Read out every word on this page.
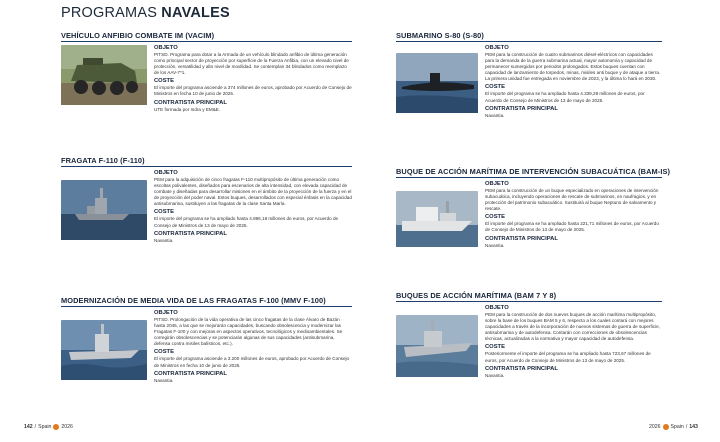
PROGRAMAS NAVALES
VEHÍCULO ANFIBIO COMBATE IM (VACIM)
OBJETO
PITSD. Programa para dotar a la Armada de un vehículo blindado anfibio de última generación como principal sector de proyección por superficie de la Fuerza Anfibia, con un elevado nivel de protección, versatilidad y alto nivel de movilidad. Se contemplan 34 blindados como reemplazo de los AAV-7*1.
COSTE
El importe del programa asciende a 374 millones de euros, aprobado por Acuerdo de Consejo de Ministros en fecha 10 de junio de 2025.
CONTRATISTA PRINCIPAL
UTE formada por Indra y EM&E.
FRAGATA F-110 (F-110)
OBJETO
PEM para la adquisición de cinco fragatas F-110 multipropósito de última generación como escoltas polivalentes, diseñados para escenarios de alta intensidad, con elevada capacidad de combate y diseñadas para desarrollar misiones en el ámbito de la proyección de la fuerza y en el de proyección del poder naval. Estos buques, desarrollados con especial énfasis en la capacidad antisubmarina, sustituyen a las fragatas de la clase Santa María.
COSTE
El importe del programa se ha ampliado hasta 4.896,18 millones de euros, por Acuerdo de Consejo de Ministros de 13 de mayo de 2025.
CONTRATISTA PRINCIPAL
Navantia.
MODERNIZACIÓN DE MEDIA VIDA DE LAS FRAGATAS F-100 (MMV F-100)
OBJETO
PITSD. Prolongación de la vida operativa de las cinco fragatas de la clase Álvaro de Bazán hasta 2045, a las que se mejorarán capacidades, buscando obsolescencia y modernizar las Fragatas F-100 y con mejoras en aspectos operativos, tecnológicos y medioambientales. Se corregirán obsolescencias y se potenciarán algunas de sus capacidades (antisubmarina, defensa contra misiles balísticos, etc.).
COSTE
El importe del programa asciende a 3.200 millones de euros, aprobado por Acuerdo de Consejo de Ministros en fecha 10 de junio de 2025.
CONTRATISTA PRINCIPAL
Navantia.
SUBMARINO S-80 (S-80)
OBJETO
PEM para la construcción de cuatro submarinos diésel-eléctricos con capacidades para la demanda de la guerra submarina actual, mayor autonomía y capacidad de permanecer sumergidos por periodos prolongados. Estos buques cuentan con capacidad de lanzamiento de torpedos, minas, misiles anti buque y de ataque a tierra. La primera unidad fue entregada en noviembre de 2023, y la última lo hará en 2030.
COSTE
El importe del programa se ha ampliado hasta 4.339,28 millones de euros, por Acuerdo de Consejo de Ministros de 13 de mayo de 2025.
CONTRATISTA PRINCIPAL
Navantia.
BUQUE DE ACCIÓN MARÍTIMA DE INTERVENCIÓN SUBACUÁTICA (BAM-IS)
OBJETO
PEM para la construcción de un buque especializado en operaciones de intervención subacuática, incluyendo operaciones de rescate de submarinos, en naufragios, y en protección del patrimonio subacuático. Sustituirá al buque Neptuno de salvamento y rescate.
COSTE
El importe del programa se ha ampliado hasta 221,71 millones de euros, por Acuerdo de Consejo de Ministros de 13 de mayo de 2025.
CONTRATISTA PRINCIPAL
Navantia.
BUQUES DE ACCIÓN MARÍTIMA (BAM 7 Y 8)
OBJETO
PEM para la construcción de dos nuevos buques de acción marítima multipropósito, sobre la base de los buques BAM 5 y 6, respecto a los cuales contará con mejores capacidades a través de la incorporación de nuevos sistemas de guerra de superficie, antisubmarina y de autodefensa. Contarán con correcciones de obsolescencias técnicas, actualizadas a la normativa y mayor capacidad de autodefensa.
COSTE
Posteriormente el importe del programa se ha ampliado hasta 723,67 millones de euros, por Acuerdo de Consejo de Ministros de 13 de mayo de 2025.
CONTRATISTA PRINCIPAL
Navantia.
142 / Spain 2026	2026 Spain / 143
